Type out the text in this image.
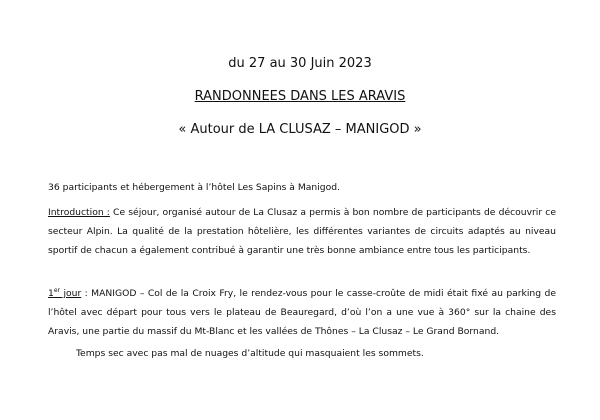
du 27 au 30 Juin 2023
RANDONNEES DANS LES ARAVIS
« Autour de LA CLUSAZ – MANIGOD »

36 participants et hébergement à l’hôtel Les Sapins à Manigod.

Introduction : Ce séjour, organisé autour de La Clusaz a permis à bon nombre de participants de découvrir ce secteur Alpin. La qualité de la prestation hôtelière, les différentes variantes de circuits adaptés au niveau sportif de chacun a également contribué à garantir une très bonne ambiance entre tous les participants.

1er jour : MANIGOD – Col de la Croix Fry, le rendez-vous pour le casse-croûte de midi était fixé au parking de l’hôtel avec départ pour tous vers le plateau de Beauregard, d’où l’on a une vue à 360° sur la chaine des Aravis, une partie du massif du Mt-Blanc et les vallées de Thônes – La Clusaz – Le Grand Bornand.

Temps sec avec pas mal de nuages d’altitude qui masquaient les sommets.
